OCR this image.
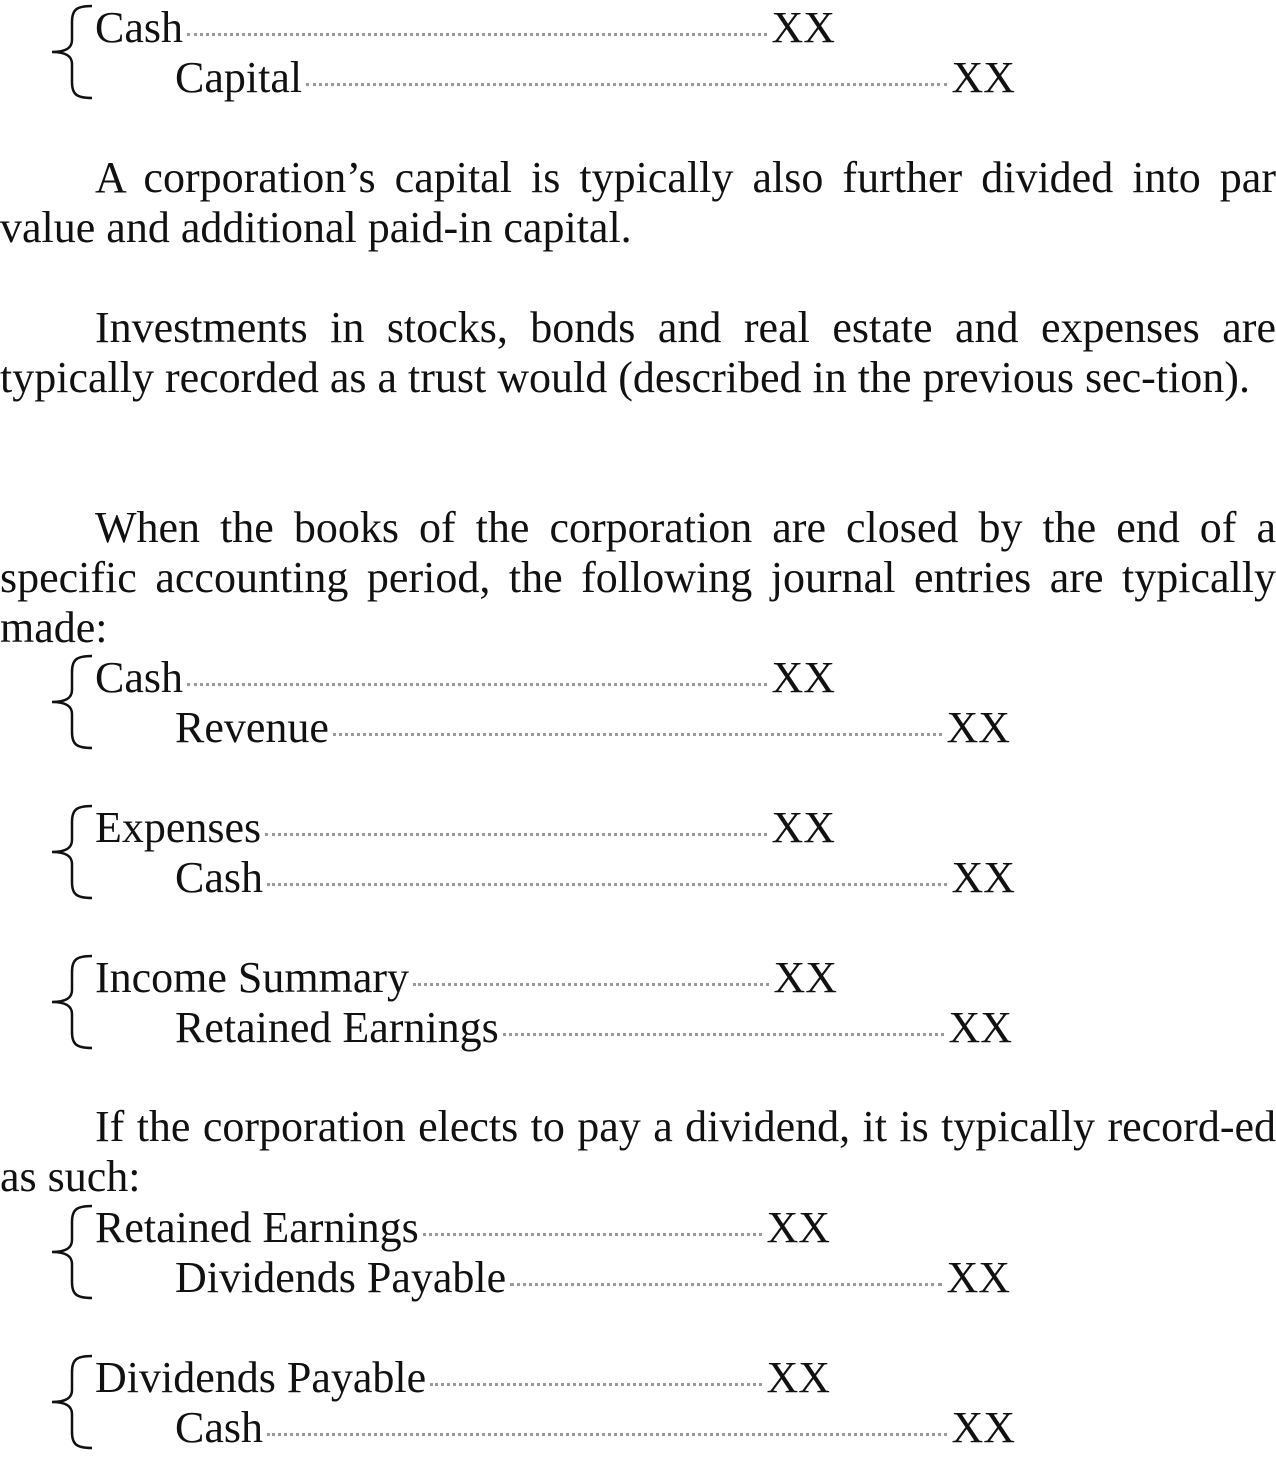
Cash	XX
Capital	XX

A corporation’s capital is typically also further divided into par value and additional paid-in capital.

Investments in stocks, bonds and real estate and expenses are typically recorded as a trust would (described in the previous sec-tion).

When the books of the corporation are closed by the end of a specific accounting period, the following journal entries are typically made:

Cash	XX
Revenue	XX
Expenses	XX
Cash	XX
Income Summary	XX
Retained Earnings	XX

If the corporation elects to pay a dividend, it is typically record-ed as such:

Retained Earnings	XX
Dividends Payable	XX
Dividends Payable	XX
Cash	XX
